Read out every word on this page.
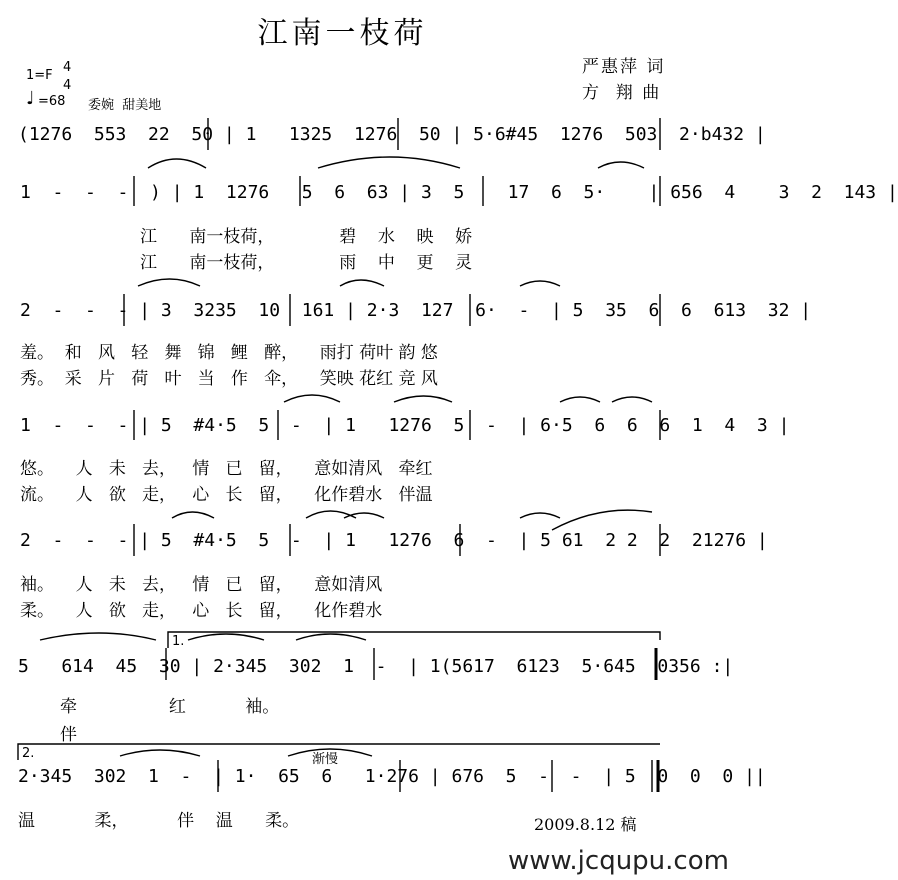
江南一枝荷
严惠萍 词
方  翔 曲
1=F
4
4
♩ =68 委婉  甜美地
(1276  553  22  50 | 1   1325  1276  50 | 5·6#45  1276  503  2·b432 |
1  -  -  -  ) | 1  1276   5  6  63 | 3  5    17  6  5·    | 656  4    3  2  143 |
江      南一枝荷，            碧    水    映    娇
江      南一枝荷，            雨    中    更    灵
2  -  -  - | 3  3235  10  161 | 2·3  127  6·  -  | 5  35  6  6  613  32 |
羞。  和   风   轻   舞   锦   鲤   醉，    雨打 荷叶 韵 悠
秀。  采   片   荷   叶   当   作   伞，    笑映 花红 竞 风
1  -  -  - | 5  #4·5  5  -  | 1   1276  5  -  | 6·5  6  6  6  1  4  3 |
悠。    人   未   去，   情   已   留，    意如清风   牵红
流。    人   欲   走，   心   长   留，    化作碧水   伴温
2  -  -  - | 5  #4·5  5  -  | 1   1276  6  -  | 5 61  2 2  2  21276 |
袖。    人   未   去，   情   已   留，    意如清风
柔。    人   欲   走，   心   长   留，    化作碧水
1.
5   614  45  30 | 2·345  302  1  -  | 1(5617  6123  5·645  0356 :|
牵                 红           袖。
伴
2.	渐慢
2·345  302  1  -  | 1·  65  6   1·276 | 676  5  -  -  | 5  0  0  0 ||
温           柔，         伴    温      柔。	2009.8.12 稿
www.jcqupu.com
